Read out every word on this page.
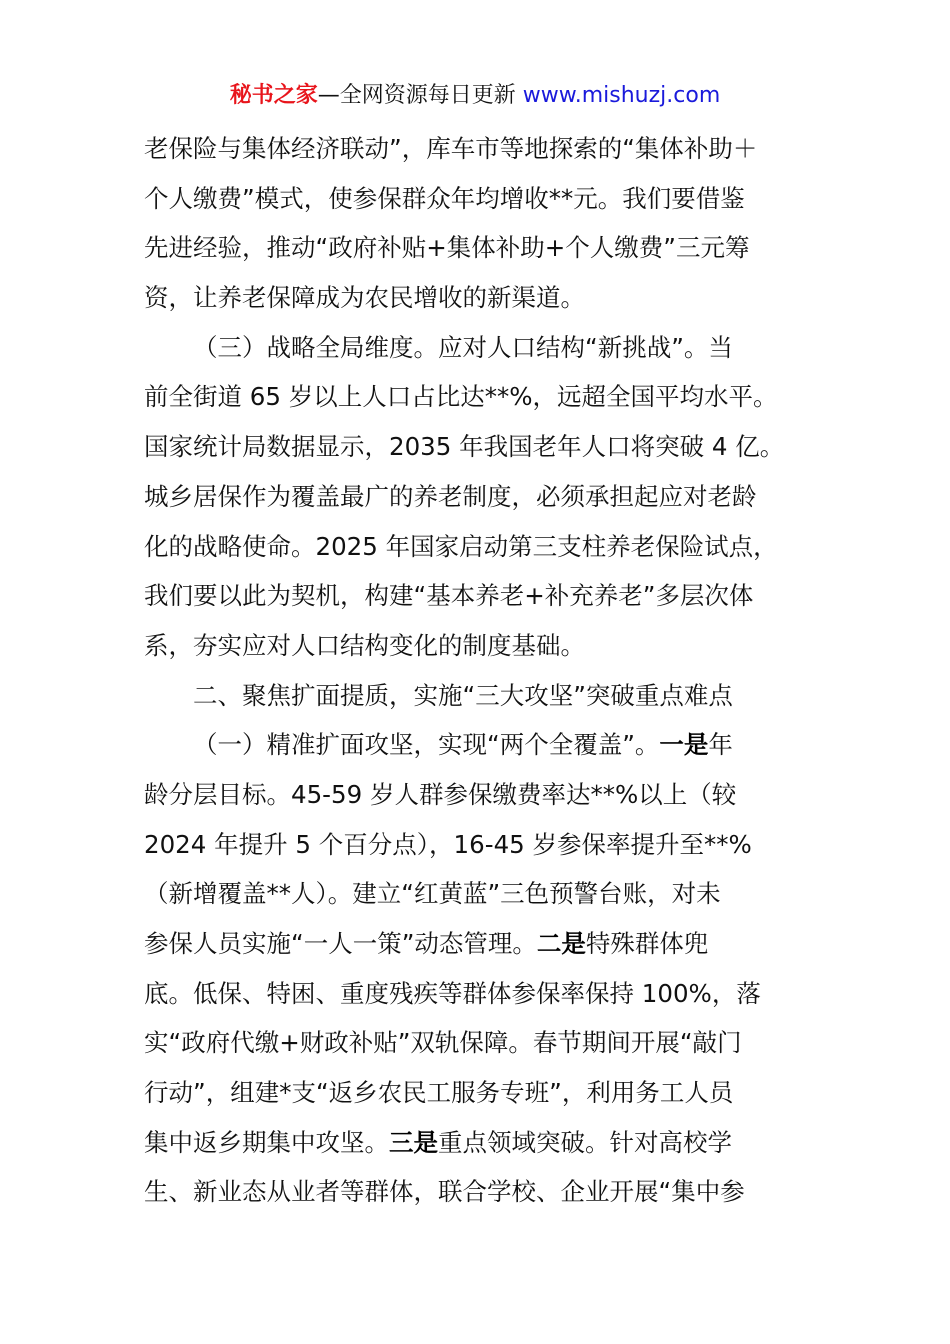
秘书之家—全网资源每日更新 www.mishuzj.com
老保险与集体经济联动”，库车市等地探索的“集体补助＋
个人缴费”模式，使参保群众年均增收**元。我们要借鉴
先进经验，推动“政府补贴+集体补助+个人缴费”三元筹
资，让养老保障成为农民增收的新渠道。
（三）战略全局维度。应对人口结构“新挑战”。当
前全街道 65 岁以上人口占比达**%，远超全国平均水平。
国家统计局数据显示，2035 年我国老年人口将突破 4 亿。
城乡居保作为覆盖最广的养老制度，必须承担起应对老龄
化的战略使命。2025 年国家启动第三支柱养老保险试点，
我们要以此为契机，构建“基本养老+补充养老”多层次体
系，夯实应对人口结构变化的制度基础。
二、聚焦扩面提质，实施“三大攻坚”突破重点难点
（一）精准扩面攻坚，实现“两个全覆盖”。一是年
龄分层目标。45-59 岁人群参保缴费率达**%以上（较
2024 年提升 5 个百分点），16-45 岁参保率提升至**%
（新增覆盖**人）。建立“红黄蓝”三色预警台账，对未
参保人员实施“一人一策”动态管理。二是特殊群体兜
底。低保、特困、重度残疾等群体参保率保持 100%，落
实“政府代缴+财政补贴”双轨保障。春节期间开展“敲门
行动”，组建*支“返乡农民工服务专班”，利用务工人员
集中返乡期集中攻坚。三是重点领域突破。针对高校学
生、新业态从业者等群体，联合学校、企业开展“集中参
